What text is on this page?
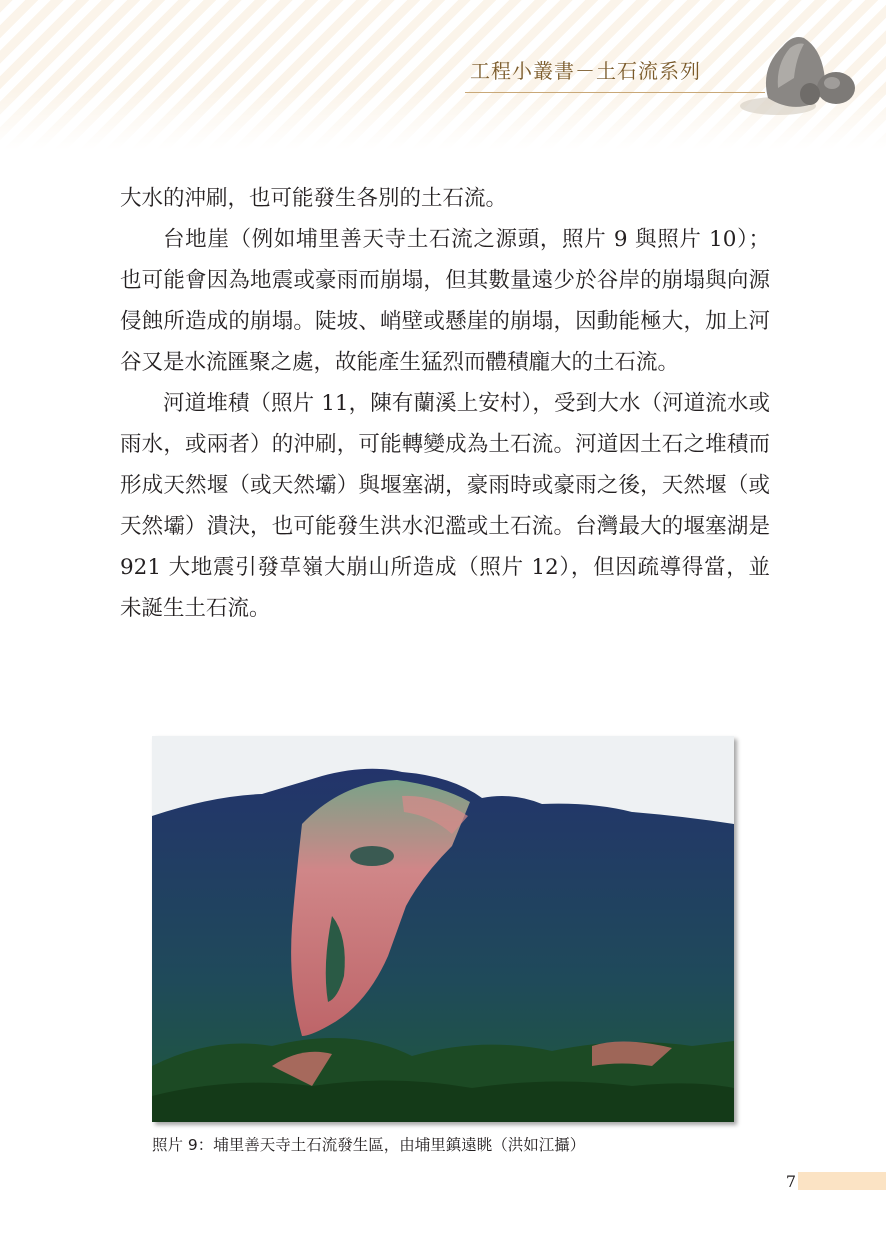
工程小叢書－土石流系列

大水的沖刷，也可能發生各別的土石流。

台地崖（例如埔里善天寺土石流之源頭，照片 9 與照片 10）；也可能會因為地震或豪雨而崩塌，但其數量遠少於谷岸的崩塌與向源侵蝕所造成的崩塌。陡坡、峭壁或懸崖的崩塌，因動能極大，加上河谷又是水流匯聚之處，故能產生猛烈而體積龐大的土石流。

河道堆積（照片 11，陳有蘭溪上安村），受到大水（河道流水或雨水，或兩者）的沖刷，可能轉變成為土石流。河道因土石之堆積而形成天然堰（或天然壩）與堰塞湖，豪雨時或豪雨之後，天然堰（或天然壩）潰決，也可能發生洪水氾濫或土石流。台灣最大的堰塞湖是 921 大地震引發草嶺大崩山所造成（照片 12），但因疏導得當，並未誕生土石流。

照片 9：埔里善天寺土石流發生區，由埔里鎮遠眺（洪如江攝）
7
